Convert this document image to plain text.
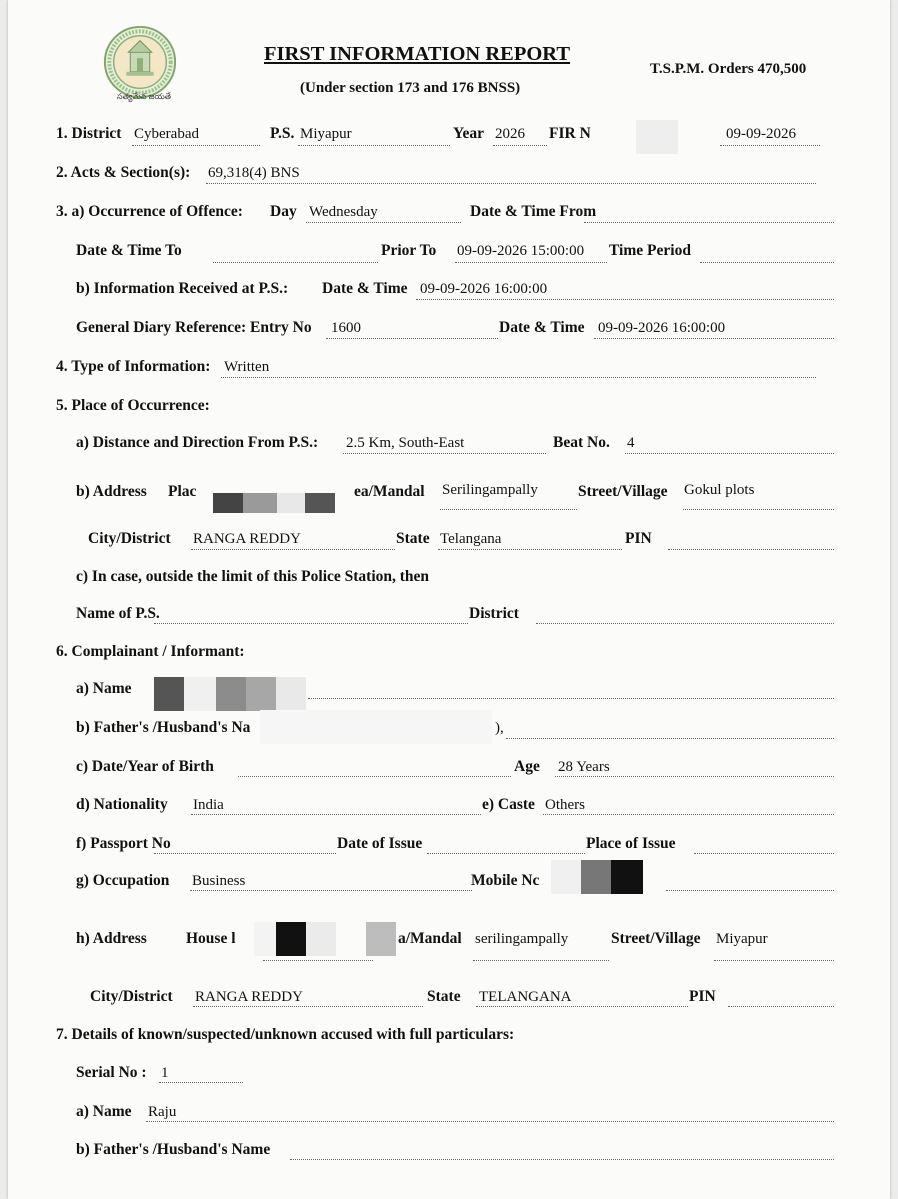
సత్యమేవ జయతే
FIRST INFORMATION REPORT
(Under section 173 and 176 BNSS)
T.S.P.M. Orders 470,500
1. District Cyberabad	P.S. Miyapur	Year 2026 FIR N	09-09-2026
2. Acts & Section(s): 69,318(4) BNS
3. a) Occurrence of Offence: Day Wednesday	Date & Time From
Date & Time To	Prior To 09-09-2026 15:00:00 Time Period
b) Information Received at P.S.: Date & Time 09-09-2026 16:00:00
General Diary Reference: Entry No 1600	Date & Time 09-09-2026 16:00:00
4. Type of Information: Written
5. Place of Occurrence:
a) Distance and Direction From P.S.: 2.5 Km, South-East	Beat No. 4
b) Address Plac	ea/Mandal Serilingampally	Street/Village Gokul plots
City/District RANGA REDDY	State Telangana	PIN
c) In case, outside the limit of this Police Station, then
Name of P.S.	District
6. Complainant / Informant:
a) Name
b) Father's /Husband's Na	),
c) Date/Year of Birth	Age 28 Years
d) Nationality India	e) Caste Others
f) Passport No	Date of Issue	Place of Issue
g) Occupation Business	Mobile Nc
h) Address	House l	a/Mandal serilingampally	Street/Village Miyapur
City/District RANGA REDDY	State TELANGANA	PIN
7. Details of known/suspected/unknown accused with full particulars:
Serial No : 1
a) Name Raju
b) Father's /Husband's Name
